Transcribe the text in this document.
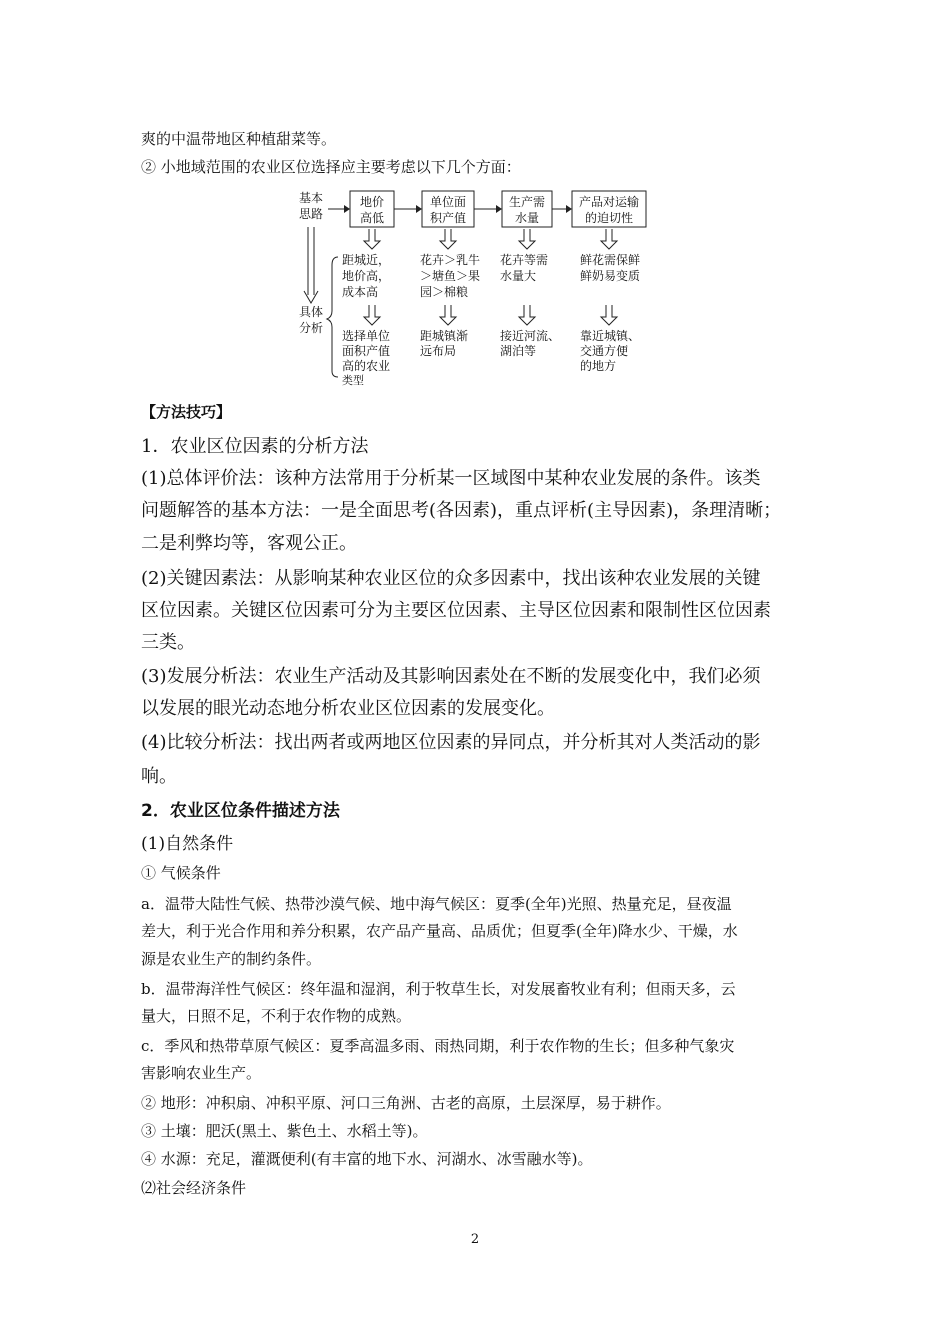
爽的中温带地区种植甜菜等。
② 小地域范围的农业区位选择应主要考虑以下几个方面：
基本
思路
具体
分析
地价
高低
单位面
积产值
生产需
水量
产品对运输
的迫切性
距城近，
地价高，
成本高
花卉＞乳牛
＞塘鱼＞果
园＞棉粮
花卉等需
水量大
鲜花需保鲜
鲜奶易变质
选择单位
面积产值
高的农业
类型
距城镇渐
远布局
接近河流、
湖泊等
靠近城镇、
交通方便
的地方
【方法技巧】
1．农业区位因素的分析方法
(1)总体评价法：该种方法常用于分析某一区域图中某种农业发展的条件。该类
问题解答的基本方法：一是全面思考(各因素)，重点评析(主导因素)，条理清晰；
二是利弊均等，客观公正。
(2)关键因素法：从影响某种农业区位的众多因素中，找出该种农业发展的关键
区位因素。关键区位因素可分为主要区位因素、主导区位因素和限制性区位因素
三类。
(3)发展分析法：农业生产活动及其影响因素处在不断的发展变化中，我们必须
以发展的眼光动态地分析农业区位因素的发展变化。
(4)比较分析法：找出两者或两地区位因素的异同点，并分析其对人类活动的影
响。
2．农业区位条件描述方法
(1)自然条件
① 气候条件
a．温带大陆性气候、热带沙漠气候、地中海气候区：夏季(全年)光照、热量充足，昼夜温
差大，利于光合作用和养分积累，农产品产量高、品质优；但夏季(全年)降水少、干燥，水
源是农业生产的制约条件。
b．温带海洋性气候区：终年温和湿润，利于牧草生长，对发展畜牧业有利；但雨天多，云
量大，日照不足，不利于农作物的成熟。
c．季风和热带草原气候区：夏季高温多雨、雨热同期，利于农作物的生长；但多种气象灾
害影响农业生产。
② 地形：冲积扇、冲积平原、河口三角洲、古老的高原，土层深厚，易于耕作。
③ 土壤：肥沃(黑土、紫色土、水稻土等)。
④ 水源：充足，灌溉便利(有丰富的地下水、河湖水、冰雪融水等)。
⑵社会经济条件
2
